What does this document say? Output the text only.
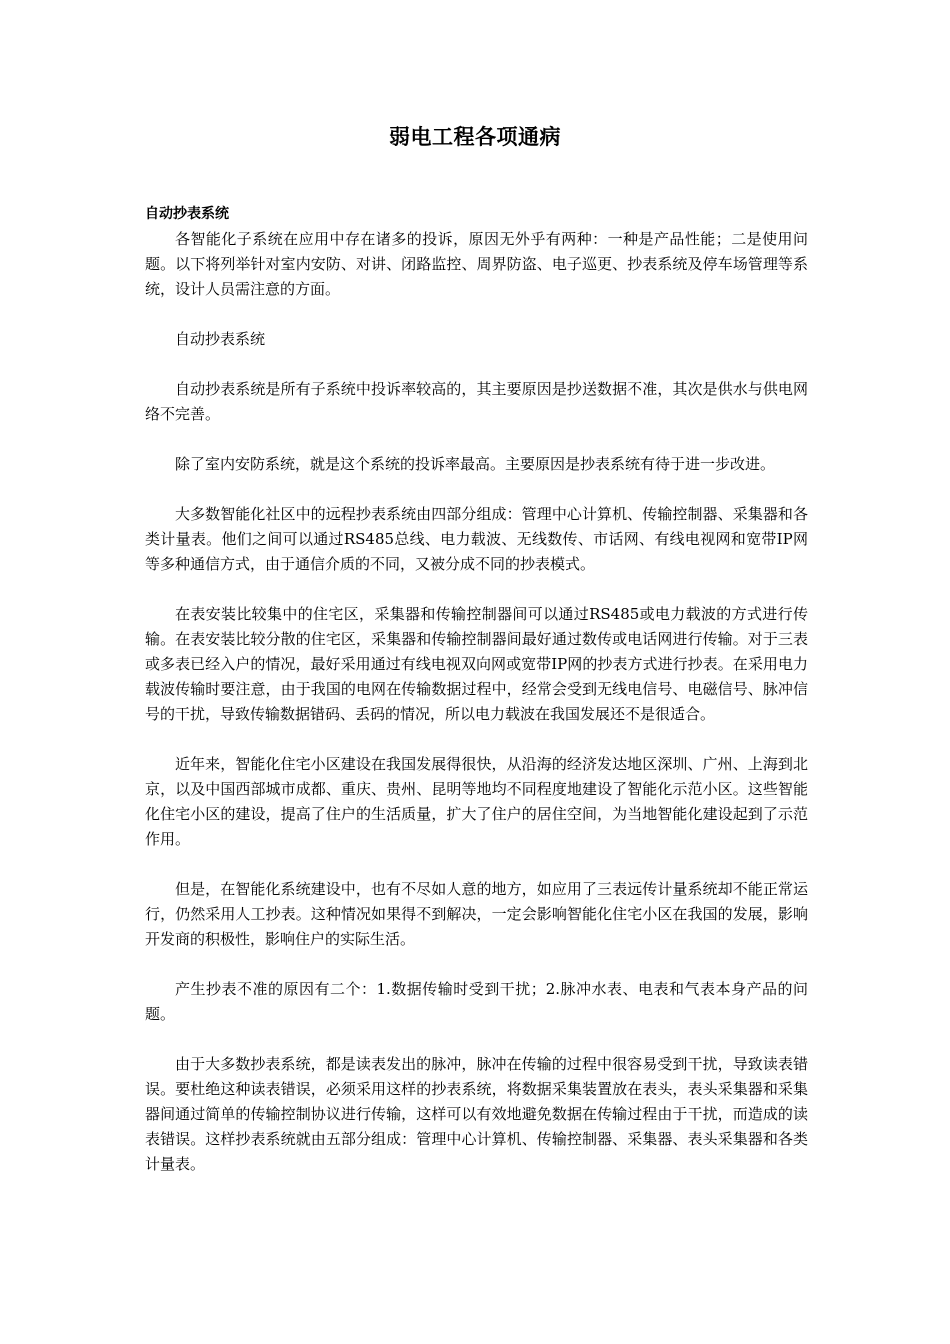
弱电工程各项通病

自动抄表系统

各智能化子系统在应用中存在诸多的投诉，原因无外乎有两种：一种是产品性能；二是使用问题。以下将列举针对室内安防、对讲、闭路监控、周界防盗、电子巡更、抄表系统及停车场管理等系统，设计人员需注意的方面。

自动抄表系统

自动抄表系统是所有子系统中投诉率较高的，其主要原因是抄送数据不准，其次是供水与供电网络不完善。

除了室内安防系统，就是这个系统的投诉率最高。主要原因是抄表系统有待于进一步改进。

大多数智能化社区中的远程抄表系统由四部分组成：管理中心计算机、传输控制器、采集器和各类计量表。他们之间可以通过RS485总线、电力载波、无线数传、市话网、有线电视网和宽带IP网等多种通信方式，由于通信介质的不同，又被分成不同的抄表模式。

在表安装比较集中的住宅区，采集器和传输控制器间可以通过RS485或电力载波的方式进行传输。在表安装比较分散的住宅区，采集器和传输控制器间最好通过数传或电话网进行传输。对于三表或多表已经入户的情况，最好采用通过有线电视双向网或宽带IP网的抄表方式进行抄表。在采用电力载波传输时要注意，由于我国的电网在传输数据过程中，经常会受到无线电信号、电磁信号、脉冲信号的干扰，导致传输数据错码、丢码的情况，所以电力载波在我国发展还不是很适合。

近年来，智能化住宅小区建设在我国发展得很快，从沿海的经济发达地区深圳、广州、上海到北京，以及中国西部城市成都、重庆、贵州、昆明等地均不同程度地建设了智能化示范小区。这些智能化住宅小区的建设，提高了住户的生活质量，扩大了住户的居住空间，为当地智能化建设起到了示范作用。

但是，在智能化系统建设中，也有不尽如人意的地方，如应用了三表远传计量系统却不能正常运行，仍然采用人工抄表。这种情况如果得不到解决，一定会影响智能化住宅小区在我国的发展，影响开发商的积极性，影响住户的实际生活。

产生抄表不准的原因有二个：1.数据传输时受到干扰；2.脉冲水表、电表和气表本身产品的问题。

由于大多数抄表系统，都是读表发出的脉冲，脉冲在传输的过程中很容易受到干扰，导致读表错误。要杜绝这种读表错误，必须采用这样的抄表系统，将数据采集装置放在表头，表头采集器和采集器间通过简单的传输控制协议进行传输，这样可以有效地避免数据在传输过程由于干扰，而造成的读表错误。这样抄表系统就由五部分组成：管理中心计算机、传输控制器、采集器、表头采集器和各类计量表。
